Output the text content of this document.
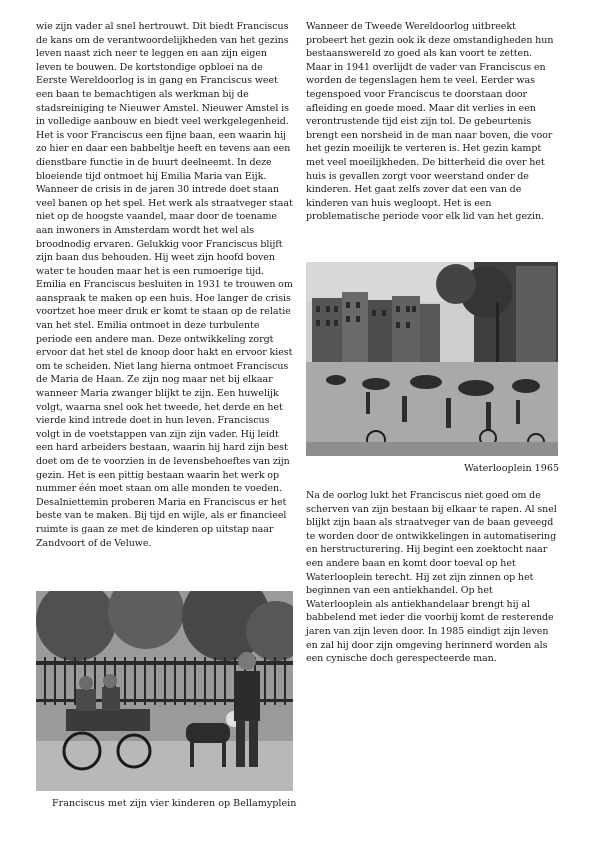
wie zijn vader al snel hertrouwt. Dit biedt Franciscus de kans om de verantwoordelijkheden van het gezins leven naast zich neer te leggen en aan zijn eigen leven te bouwen. De kortstondige opbloei na de Eerste Wereldoorlog is in gang en Franciscus weet een baan te bemachtigen als werkman bij de stadsreiniging te Nieuwer Amstel. Nieuwer Amstel is in volledige aanbouw en biedt veel werkgelegenheid. Het is voor Franciscus een fijne baan, een waarin hij zo hier en daar een babbeltje heeft en tevens aan een dienstbare functie in de buurt deelneemt. In deze bloeiende tijd ontmoet hij Emilia Maria van Eijk. Wanneer de crisis in de jaren 30 intrede doet staan veel banen op het spel. Het werk als straatveger staat niet op de hoogste vaandel, maar door de toename aan inwoners in Amsterdam wordt het wel als broodnodig ervaren. Gelukkig voor Franciscus blijft zijn baan dus behouden. Hij weet zijn hoofd boven water te houden maar het is een rumoerige tijd. Emilia en Franciscus besluiten in 1931 te trouwen om aanspraak te maken op een huis. Hoe langer de crisis voortzet hoe meer druk er komt te staan op de relatie van het stel. Emilia ontmoet in deze turbulente periode een andere man. Deze ontwikkeling zorgt ervoor dat het stel de knoop door hakt en ervoor kiest om te scheiden. Niet lang hierna ontmoet Franciscus de Maria de Haan. Ze zijn nog maar net bij elkaar wanneer Maria zwanger blijkt te zijn. Een huwelijk volgt, waarna snel ook het tweede, het derde en het vierde kind intrede doet in hun leven. Franciscus volgt in de voetstappen van zijn zijn vader. Hij leidt een hard arbeiders bestaan, waarin hij hard zijn best doet om de te voorzien in de levensbehoeftes van zijn gezin. Het is een pittig bestaan waarin het werk op nummer één moet staan om alle monden te voeden. Desalniettemin proberen Maria en Franciscus er het beste van te maken. Bij tijd en wijle, als er financieel ruimte is gaan ze met de kinderen op uitstap naar Zandvoort of de Veluwe.

Wanneer de Tweede Wereldoorlog uitbreekt probeert het gezin ook ik deze omstandigheden hun bestaanswereld zo goed als kan voort te zetten. Maar in 1941 overlijdt de vader van Franciscus en worden de tegenslagen hem te veel. Eerder was tegenspoed voor Franciscus te doorstaan door afleiding en goede moed. Maar dit verlies in een verontrustende tijd eist zijn tol. De gebeurtenis brengt een norsheid in de man naar boven, die voor het gezin moeilijk te verteren is. Het gezin kampt met veel moeilijkheden. De bitterheid die over het huis is gevallen zorgt voor weerstand onder de kinderen. Het gaat zelfs zover dat een van de kinderen van huis wegloopt. Het is een problematische periode voor elk lid van het gezin.

Waterlooplein 1965

Na de oorlog lukt het Franciscus niet goed om de scherven van zijn bestaan bij elkaar te rapen. Al snel blijkt zijn baan als straatveger van de baan geveegd te worden door de ontwikkelingen in automatisering en herstructurering. Hij begint een zoektocht naar een andere baan en komt door toeval op het Waterlooplein terecht. Hij zet zijn zinnen op het beginnen van een antiekhandel. Op het Waterlooplein als antiekhandelaar brengt hij al babbelend met ieder die voorbij komt de resterende jaren van zijn leven door. In 1985 eindigt zijn leven en zal hij door zijn omgeving herinnerd worden als een cynische doch gerespecteerde man.

Franciscus met zijn vier kinderen op Bellamyplein
